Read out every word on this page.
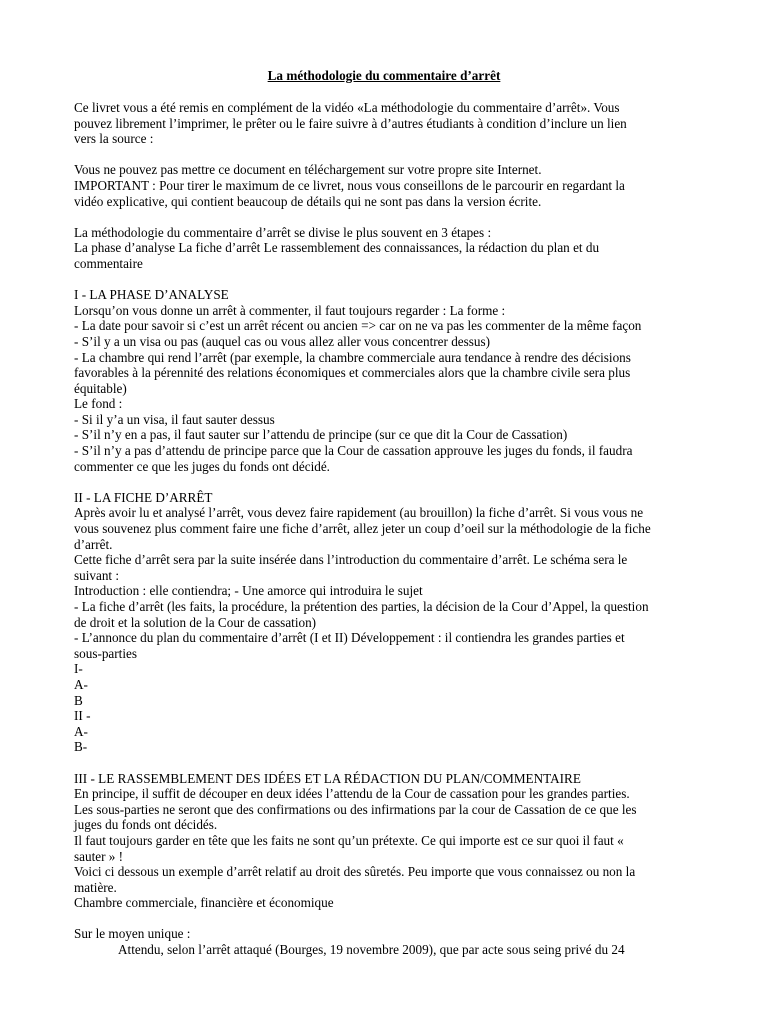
La méthodologie du commentaire d’arrêt
Ce livret vous a été remis en complément de la vidéo «La méthodologie du commentaire d’arrêt». Vous
pouvez librement l’imprimer, le prêter ou le faire suivre à d’autres étudiants à condition d’inclure un lien
vers la source :
Vous ne pouvez pas mettre ce document en téléchargement sur votre propre site Internet.
IMPORTANT : Pour tirer le maximum de ce livret, nous vous conseillons de le parcourir en regardant la
vidéo explicative, qui contient beaucoup de détails qui ne sont pas dans la version écrite.
La méthodologie du commentaire d’arrêt se divise le plus souvent en 3 étapes :
La phase d’analyse La fiche d’arrêt Le rassemblement des connaissances, la rédaction du plan et du
commentaire
I - LA PHASE D’ANALYSE
Lorsqu’on vous donne un arrêt à commenter, il faut toujours regarder : La forme :
- La date pour savoir si c’est un arrêt récent ou ancien => car on ne va pas les commenter de la même façon
- S’il y a un visa ou pas (auquel cas ou vous allez aller vous concentrer dessus)
- La chambre qui rend l’arrêt (par exemple, la chambre commerciale aura tendance à rendre des décisions
favorables à la pérennité des relations économiques et commerciales alors que la chambre civile sera plus
équitable)
Le fond :
- Si il y’a un visa, il faut sauter dessus
- S’il n’y en a pas, il faut sauter sur l’attendu de principe (sur ce que dit la Cour de Cassation)
- S’il n’y a pas d’attendu de principe parce que la Cour de cassation approuve les juges du fonds, il faudra
commenter ce que les juges du fonds ont décidé.
II - LA FICHE D’ARRÊT
Après avoir lu et analysé l’arrêt, vous devez faire rapidement (au brouillon) la fiche d’arrêt. Si vous vous ne
vous souvenez plus comment faire une fiche d’arrêt, allez jeter un coup d’oeil sur la méthodologie de la fiche
d’arrêt.
Cette fiche d’arrêt sera par la suite insérée dans l’introduction du commentaire d’arrêt. Le schéma sera le
suivant :
Introduction : elle contiendra; - Une amorce qui introduira le sujet
- La fiche d’arrêt (les faits, la procédure, la prétention des parties, la décision de la Cour d’Appel, la question
de droit et la solution de la Cour de cassation)
- L’annonce du plan du commentaire d’arrêt (I et II) Développement : il contiendra les grandes parties et
sous-parties
I-
A-
B
II -
A-
B-
III - LE RASSEMBLEMENT DES IDÉES ET LA RÉDACTION DU PLAN/COMMENTAIRE
En principe, il suffit de découper en deux idées l’attendu de la Cour de cassation pour les grandes parties.
Les sous-parties ne seront que des confirmations ou des infirmations par la cour de Cassation de ce que les
juges du fonds ont décidés.
Il faut toujours garder en tête que les faits ne sont qu’un prétexte. Ce qui importe est ce sur quoi il faut «
sauter » !
Voici ci dessous un exemple d’arrêt relatif au droit des sûretés. Peu importe que vous connaissez ou non la
matière.
Chambre commerciale, financière et économique
Sur le moyen unique :
Attendu, selon l’arrêt attaqué (Bourges, 19 novembre 2009), que par acte sous seing privé du 24
